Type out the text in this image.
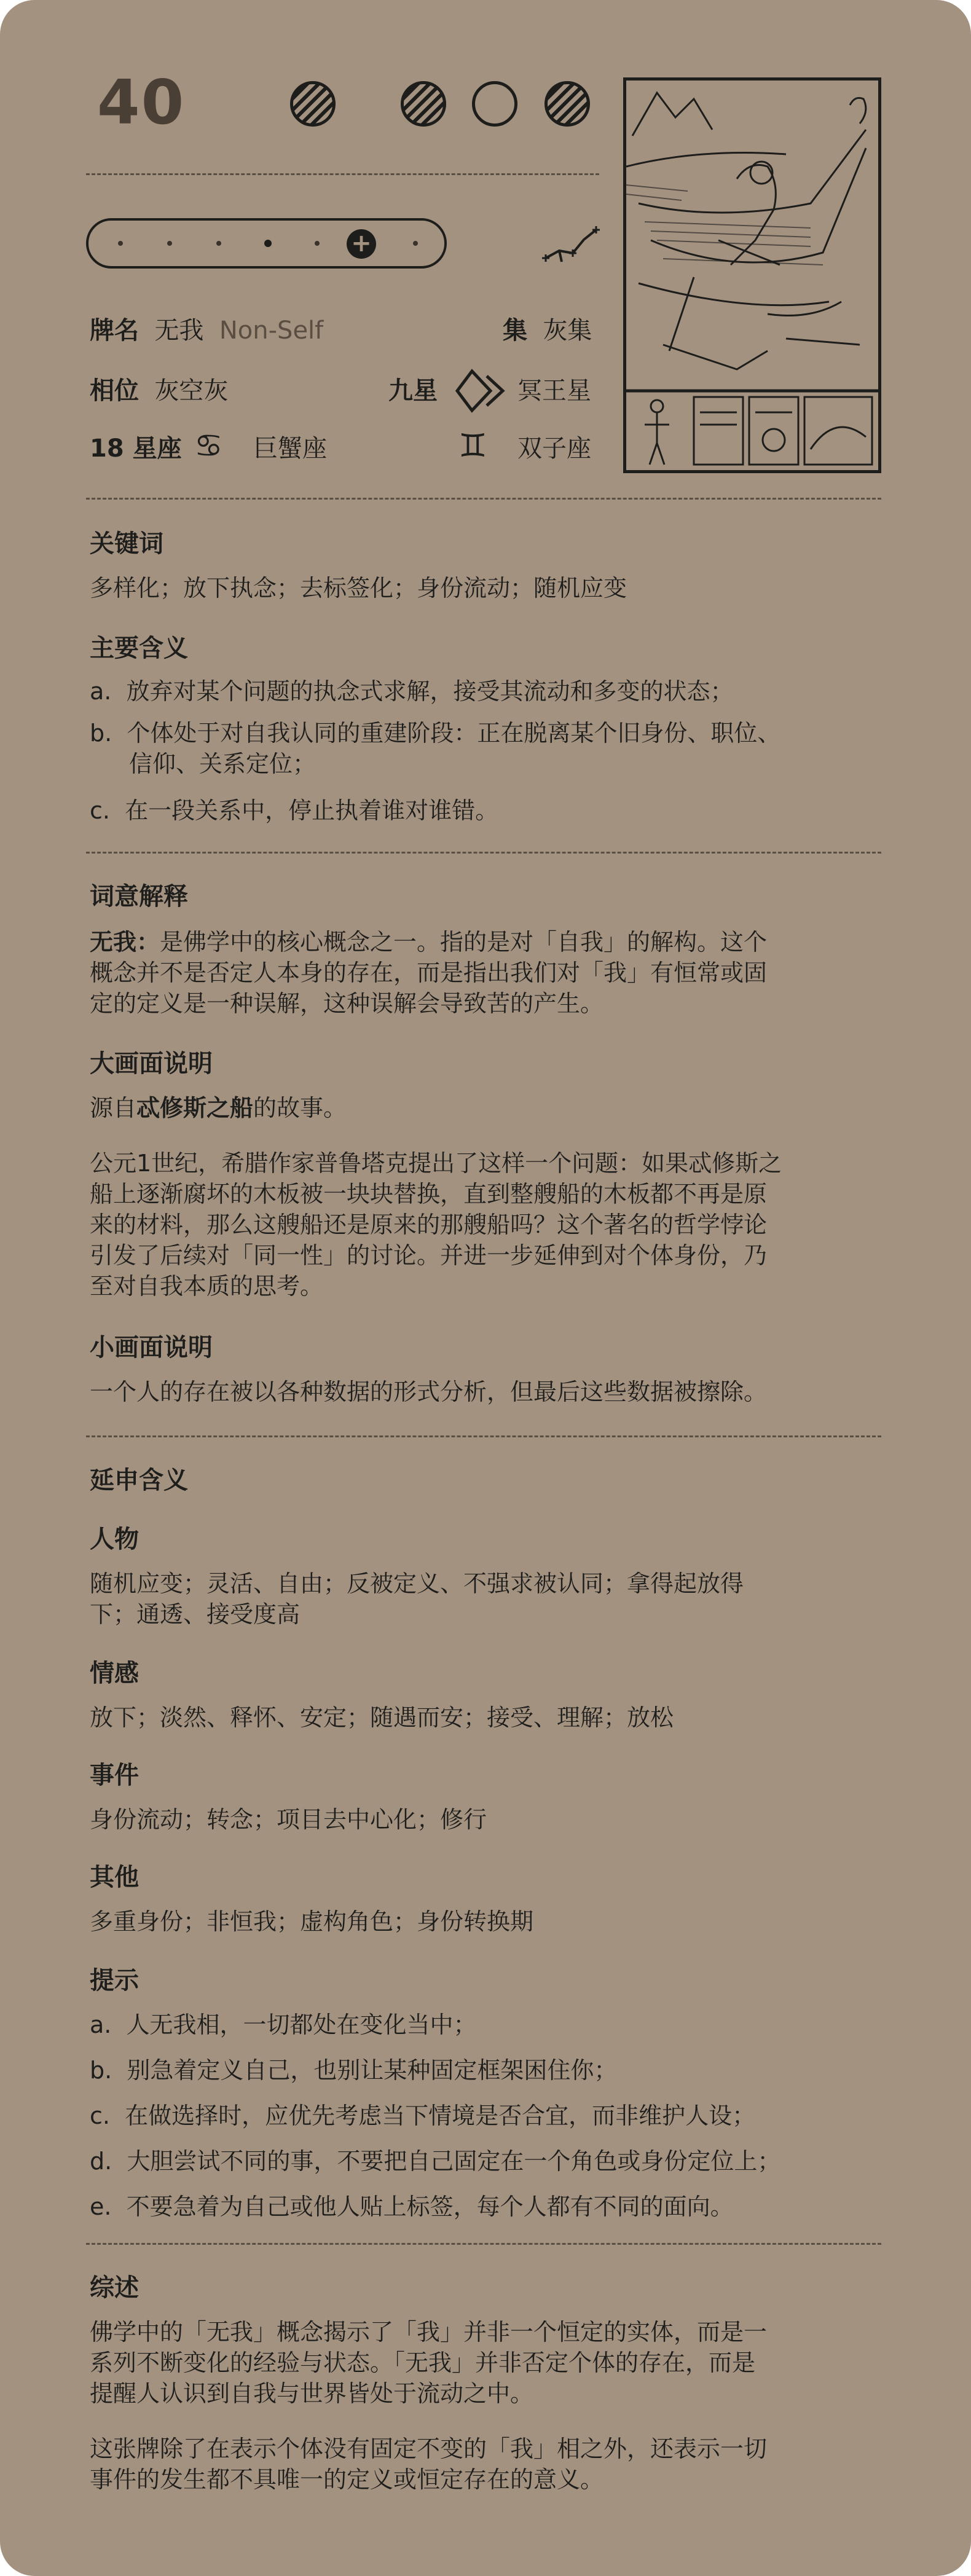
40
+
牌名 无我 Non-Self	集 灰集
相位 灰空灰	九星	冥王星
18 星座 ♋ 巨蟹座	♊ 双子座
关键词
多样化；放下执念；去标签化；身份流动；随机应变
主要含义
a. 放弃对某个问题的执念式求解，接受其流动和多变的状态；
b. 个体处于对自我认同的重建阶段：正在脱离某个旧身份、职位、
信仰、关系定位；
c. 在一段关系中，停止执着谁对谁错。
词意解释
无我：是佛学中的核心概念之一。指的是对「自我」的解构。这个
概念并不是否定人本身的存在，而是指出我们对「我」有恒常或固
定的定义是一种误解，这种误解会导致苦的产生。
大画面说明
源自忒修斯之船的故事。
公元1世纪，希腊作家普鲁塔克提出了这样一个问题：如果忒修斯之
船上逐渐腐坏的木板被一块块替换，直到整艘船的木板都不再是原
来的材料，那么这艘船还是原来的那艘船吗？这个著名的哲学悖论
引发了后续对「同一性」的讨论。并进一步延伸到对个体身份，乃
至对自我本质的思考。
小画面说明
一个人的存在被以各种数据的形式分析，但最后这些数据被擦除。
延申含义
人物
随机应变；灵活、自由；反被定义、不强求被认同；拿得起放得
下；通透、接受度高
情感
放下；淡然、释怀、安定；随遇而安；接受、理解；放松
事件
身份流动；转念；项目去中心化；修行
其他
多重身份；非恒我；虚构角色；身份转换期
提示
a. 人无我相，一切都处在变化当中；
b. 别急着定义自己，也别让某种固定框架困住你；
c. 在做选择时，应优先考虑当下情境是否合宜，而非维护人设；
d. 大胆尝试不同的事，不要把自己固定在一个角色或身份定位上；
e. 不要急着为自己或他人贴上标签，每个人都有不同的面向。
综述
佛学中的「无我」概念揭示了「我」并非一个恒定的实体，而是一
系列不断变化的经验与状态。「无我」并非否定个体的存在，而是
提醒人认识到自我与世界皆处于流动之中。
这张牌除了在表示个体没有固定不变的「我」相之外，还表示一切
事件的发生都不具唯一的定义或恒定存在的意义。
